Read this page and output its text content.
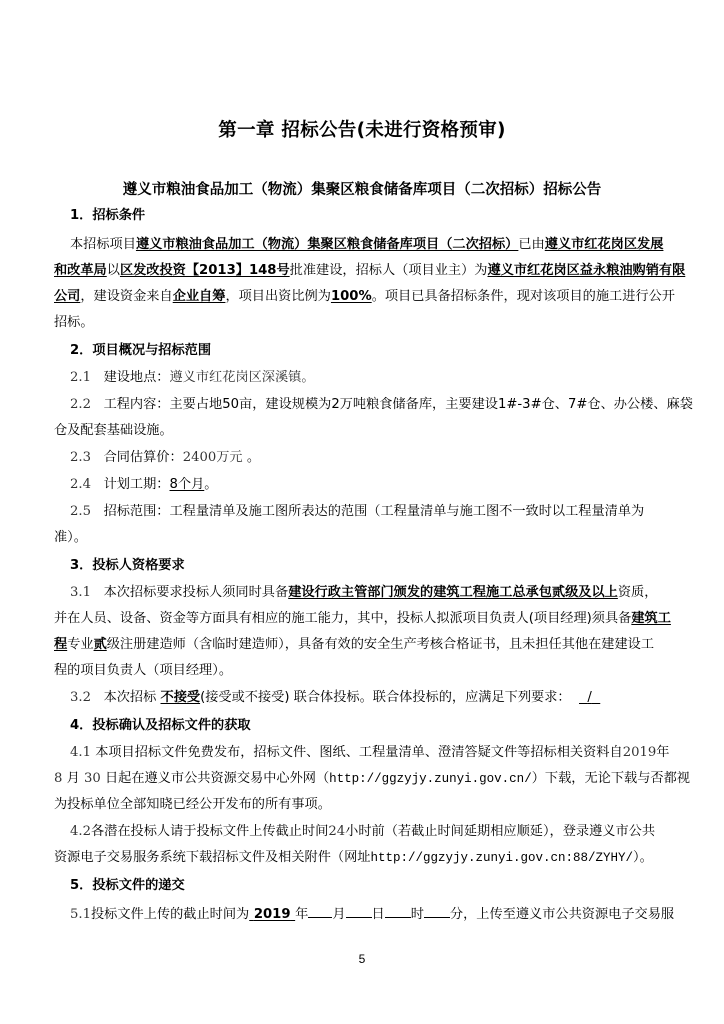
第一章 招标公告(未进行资格预审)
遵义市粮油食品加工（物流）集聚区粮食储备库项目（二次招标）招标公告
1．招标条件
本招标项目遵义市粮油食品加工（物流）集聚区粮食储备库项目（二次招标）已由遵义市红花岗区发展
和改革局以区发改投资【2013】148号批准建设，招标人（项目业主）为遵义市红花岗区益永粮油购销有限
公司，建设资金来自企业自筹，项目出资比例为100%。项目已具备招标条件，现对该项目的施工进行公开
招标。
2．项目概况与招标范围
2.1 建设地点：遵义市红花岗区深溪镇。
2.2 工程内容：主要占地50亩，建设规模为2万吨粮食储备库，主要建设1#-3#仓、7#仓、办公楼、麻袋
仓及配套基础设施。
2.3 合同估算价：2400万元 。
2.4 计划工期：8个月。
2.5 招标范围：工程量清单及施工图所表达的范围（工程量清单与施工图不一致时以工程量清单为
准）。
3．投标人资格要求
3.1 本次招标要求投标人须同时具备建设行政主管部门颁发的建筑工程施工总承包贰级及以上资质，
并在人员、设备、资金等方面具有相应的施工能力，其中，投标人拟派项目负责人(项目经理)须具备建筑工
程专业贰级注册建造师（含临时建造师），具备有效的安全生产考核合格证书，且未担任其他在建建设工
程的项目负责人（项目经理）。
3.2 本次招标 不接受(接受或不接受) 联合体投标。联合体投标的，应满足下列要求： /
4．投标确认及招标文件的获取
4.1 本项目招标文件免费发布，招标文件、图纸、工程量清单、澄清答疑文件等招标相关资料自2019年
8 月 30 日起在遵义市公共资源交易中心外网（http://ggzyjy.zunyi.gov.cn/）下载，无论下载与否都视
为投标单位全部知晓已经公开发布的所有事项。
4.2各潜在投标人请于投标文件上传截止时间24小时前（若截止时间延期相应顺延），登录遵义市公共
资源电子交易服务系统下载招标文件及相关附件（网址http://ggzyjy.zunyi.gov.cn:88/ZYHY/）。
5．投标文件的递交
5.1投标文件上传的截止时间为 2019 年 月 日 时 分，上传至遵义市公共资源电子交易服
5
